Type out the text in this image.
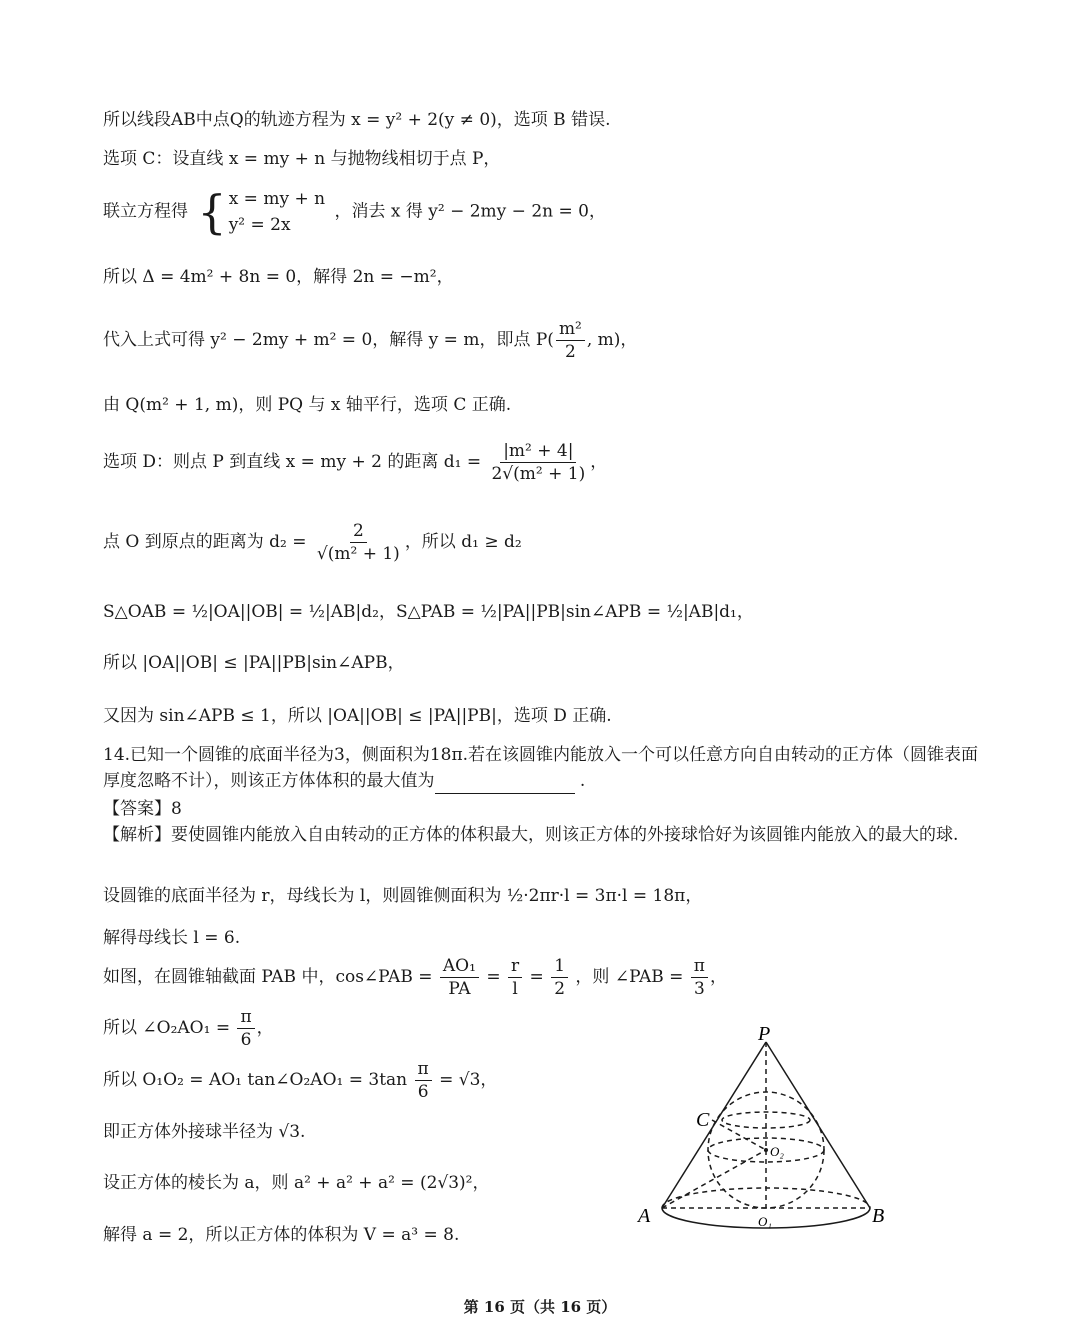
所以线段AB中点Q的轨迹方程为 x = y² + 2(y ≠ 0)，选项 B 错误.
选项 C：设直线 x = my + n 与抛物线相切于点 P，
联立方程得 { x = my + n
y² = 2x
，消去 x 得 y² − 2my − 2n = 0，
所以 Δ = 4m² + 8n = 0，解得 2n = −m²，
代入上式可得 y² − 2my + m² = 0，解得 y = m，即点 $P( \frac{\text{m²}}{2}$ , m)，
由 Q(m² + 1, m)，则 PQ 与 x 轴平行，选项 C 正确.
选项 D：则点 P 到直线 x = my + 2 的距离 $d_1 = \frac{\text{|m² + 4|}}{\text{2√(m² + 1)}}$ ，
点 O 到原点的距离为 $d_2 = \frac{2}{\text{√(m² + 1)}}$ ，所以 d₁ ≥ d₂
S△OAB = ½|OA||OB| = ½|AB|d₂，S△PAB = ½|PA||PB|sin∠APB = ½|AB|d₁，
所以 |OA||OB| ≤ |PA||PB|sin∠APB，
又因为 sin∠APB ≤ 1，所以 |OA||OB| ≤ |PA||PB|，选项 D 正确.
14.已知一个圆锥的底面半径为3，侧面积为18π.若在该圆锥内能放入一个可以任意方向自由转动的正方体（圆锥表面厚度忽略不计），则该正方体体积的最大值为	.
【答案】8
【解析】要使圆锥内能放入自由转动的正方体的体积最大，则该正方体的外接球恰好为该圆锥内能放入的最大的球.
设圆锥的底面半径为 r，母线长为 l，则圆锥侧面积为 ½·2πr·l = 3π·l = 18π，
解得母线长 l = 6.
如图，在圆锥轴截面 PAB 中，cos∠PAB = $\frac{\text{AO₁}}{PA} = \frac{r}{l} = \frac{1}{2}$ ，则 ∠PAB = $\frac{\pi}{3}$ ，
所以 ∠O₂AO₁ = $\frac{\pi}{6}$ ，
所以 O₁O₂ = AO₁ tan∠O₂AO₁ = $3\tan \frac{\pi}{6} = √3$，
即正方体外接球半径为 √3.
设正方体的棱长为 a，则 a² + a² + a² = (2√3)²，
解得 a = 2，所以正方体的体积为 V = a³ = 8.
P
C
A	B
O₁
O₂
第 16 页（共 16 页）
